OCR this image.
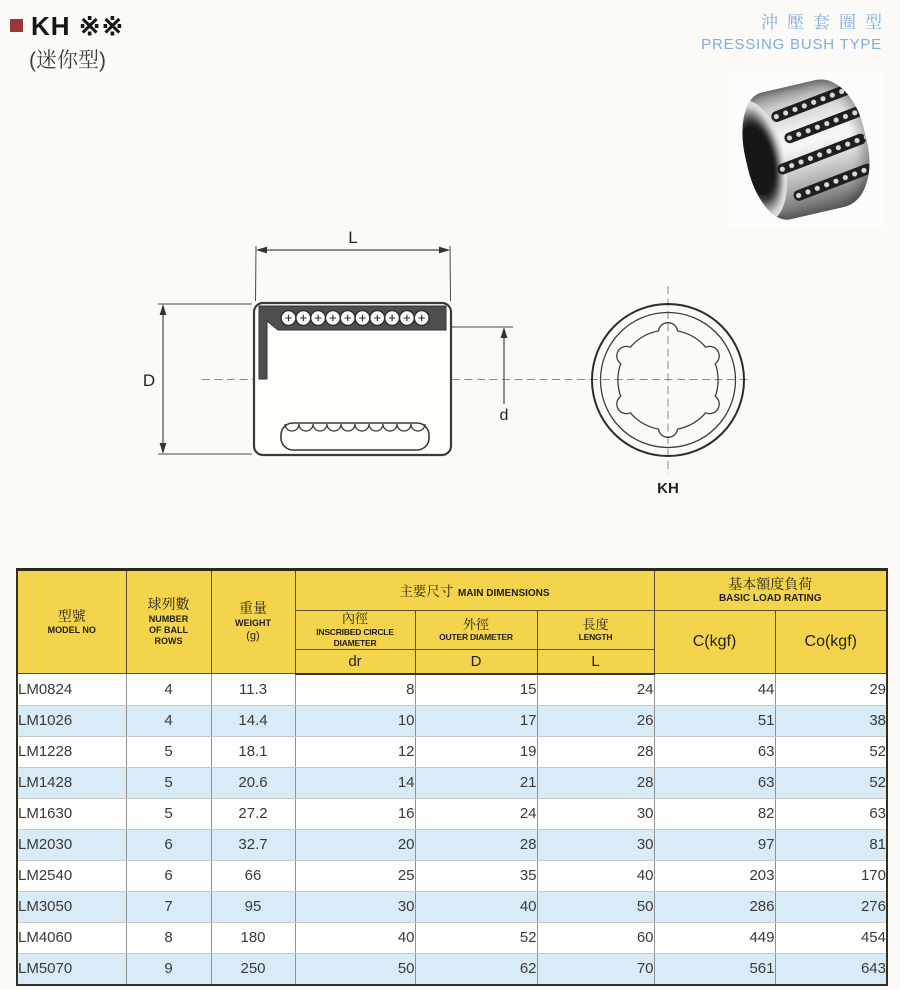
KH ※※
(迷你型)
沖壓套圈型
PRESSING BUSH TYPE
L
D
d
KH
型號
MODEL NO	球列數
NUMBER
OF BALL
ROWS	重量
WEIGHT
(g)	主要尺寸 MAIN DIMENSIONS			基本額度負荷
BASIC LOAD RATING	

			內徑
INSCRIBED CIRCLE DIAMETER	外徑
OUTER DIAMETER	長度
LENGTH	C(kgf)	Co(kgf)
			dr	D	L		
LM0824	4	11.3	8	15	24	44	29
LM1026	4	14.4	10	17	26	51	38
LM1228	5	18.1	12	19	28	63	52
LM1428	5	20.6	14	21	28	63	52
LM1630	5	27.2	16	24	30	82	63
LM2030	6	32.7	20	28	30	97	81
LM2540	6	66	25	35	40	203	170
LM3050	7	95	30	40	50	286	276
LM4060	8	180	40	52	60	449	454
LM5070	9	250	50	62	70	561	643
